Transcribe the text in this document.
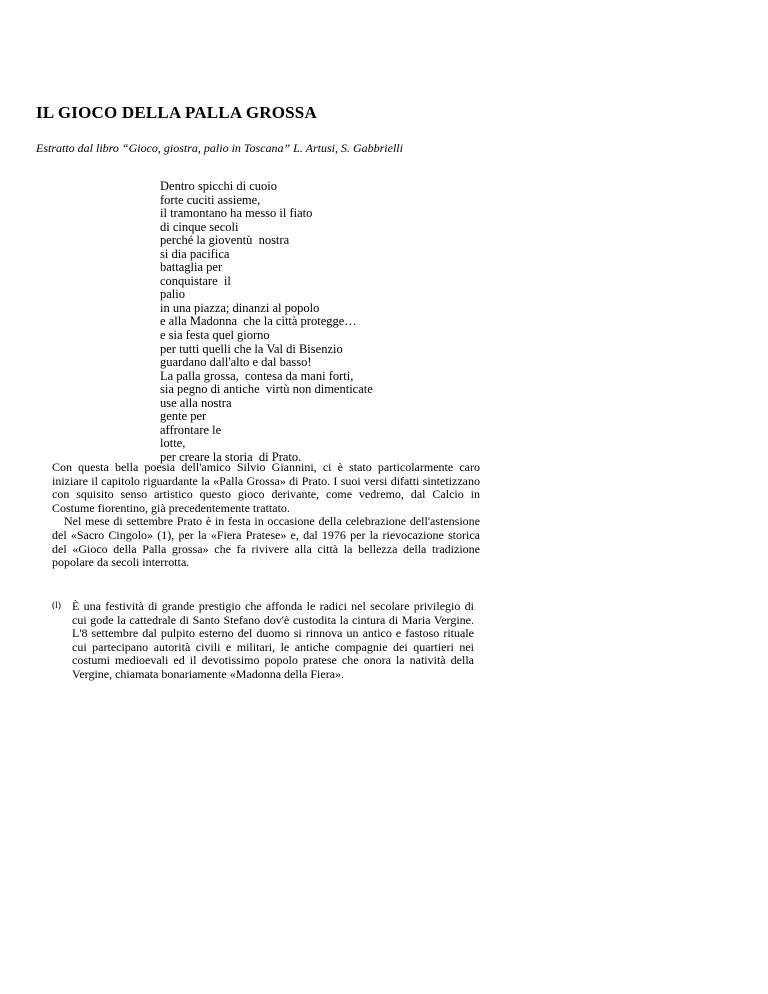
IL GIOCO DELLA PALLA GROSSA

Estratto dal libro “Gioco, giostra, palio in Toscana” L. Artusi, S. Gabbrielli

Dentro spicchi di cuoio
forte cuciti assieme,
il tramontano ha messo il fiato
di cinque secoli
perché la gioventù  nostra
si dia pacifica
battaglia per
conquistare  il
palio
in una piazza; dinanzi al popolo
e alla Madonna  che la città protegge…
e sia festa quel giorno
per tutti quelli che la Val di Bisenzio
guardano dall'alto e dal basso!
La palla grossa,  contesa da mani forti,
sia pegno di antiche  virtù non dimenticate
use alla nostra
gente per
affrontare le
lotte,
per creare la storia  di Prato.

Con questa bella poesia dell'amico Silvio Giannini, ci è stato particolarmente caro iniziare il capitolo riguardante la «Palla Grossa» di Prato. I suoi versi difatti sintetizzano con squisito senso artistico questo gioco derivante, come vedremo, dal Calcio in Costume fiorentino, già precedentemente trattato.

Nel mese di settembre Prato è in festa in occasione della celebrazione dell'astensione del «Sacro Cingolo» (1), per la «Fiera Pratese» e, dal 1976 per la rievocazione storica del «Gioco della Palla grossa» che fa rivivere alla città la bellezza della tradizione popolare da secoli interrotta.

(l) È una festività di grande prestigio che affonda le radici nel secolare privilegio di cui gode la cattedrale di Santo Stefano dov'è custodita la cintura di Maria Vergine. L'8 settembre dal pulpito esterno del duomo si rinnova un antico e fastoso rituale cui partecipano autorità civili e militari, le antiche compagnie dei quartieri nei costumi medioevali ed il devotissimo popolo pratese che onora la natività della Vergine, chiamata bonariamente «Madonna della Fiera».
